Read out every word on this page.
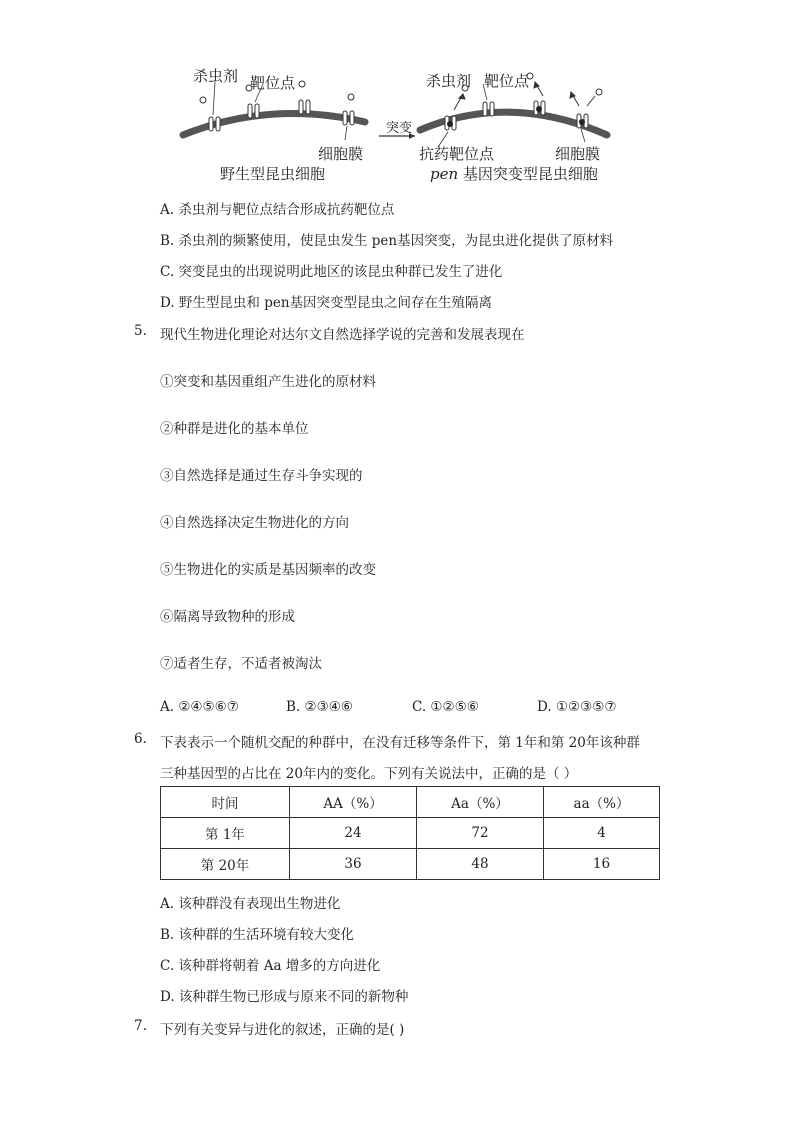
杀虫剂 靶位点
细胞膜
野生型昆虫细胞
突变
杀虫剂 靶位点
抗药靶位点	细胞膜
pen 基因突变型昆虫细胞
A. 杀虫剂与靶位点结合形成抗药靶位点
B. 杀虫剂的频繁使用，使昆虫发生 pen基因突变，为昆虫进化提供了原材料
C. 突变昆虫的出现说明此地区的该昆虫种群已发生了进化
D. 野生型昆虫和 pen基因突变型昆虫之间存在生殖隔离
5. 现代生物进化理论对达尔文自然选择学说的完善和发展表现在
①突变和基因重组产生进化的原材料
②种群是进化的基本单位
③自然选择是通过生存斗争实现的
④自然选择决定生物进化的方向
⑤生物进化的实质是基因频率的改变
⑥隔离导致物种的形成
⑦适者生存，不适者被淘汰
A. ②④⑤⑥⑦	B. ②③④⑥	C. ①②⑤⑥	D. ①②③⑤⑦
6. 下表表示一个随机交配的种群中，在没有迁移等条件下，第 1年和第 20年该种群
三种基因型的占比在 20年内的变化。下列有关说法中，正确的是（ ）
时间	AA（%）	Aa（%）	aa（%）
第 1年	24	72	4
第 20年	36	48	16
A. 该种群没有表现出生物进化
B. 该种群的生活环境有较大变化
C. 该种群将朝着 Aa 增多的方向进化
D. 该种群生物已形成与原来不同的新物种
7. 下列有关变异与进化的叙述，正确的是( )
